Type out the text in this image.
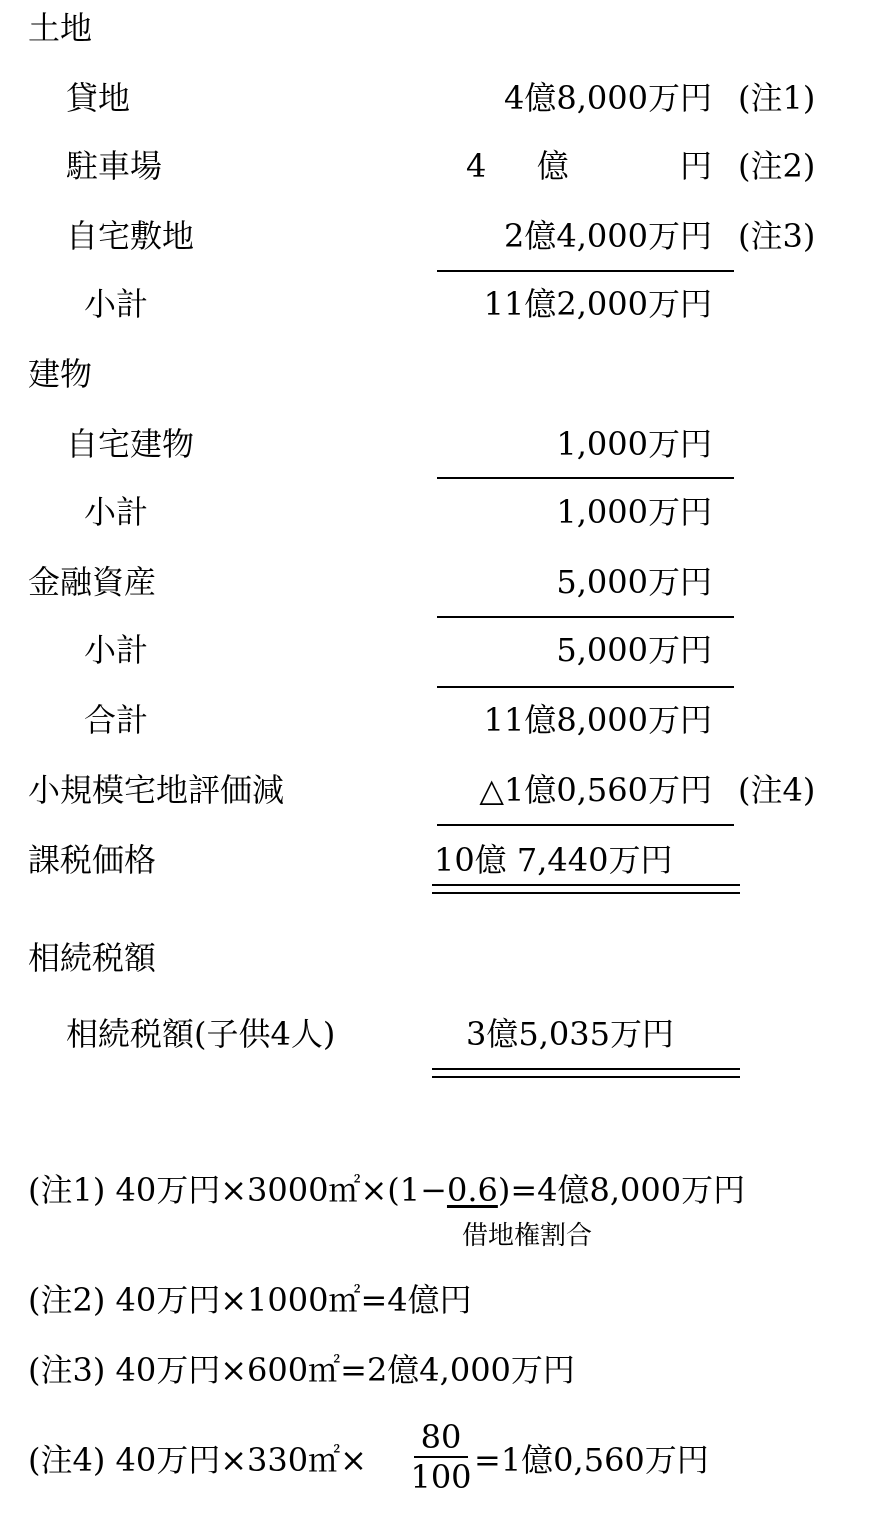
土地
貸地	4億8,000万円 (注1)
駐車場	4億 円 (注2)
自宅敷地	2億4,000万円 (注3)
小計	11億2,000万円
建物
自宅建物	1,000万円
小計	1,000万円
金融資産	5,000万円
小計	5,000万円
合計	11億8,000万円
小規模宅地評価減	△1億0,560万円 (注4)
課税価格	10億 7,440万円
相続税額
相続税額(子供4人)	3億5,035万円
(注1) 40万円×3000㎡×(1−0.6)=4億8,000万円
借地権割合
(注2) 40万円×1000㎡=4億円
(注3) 40万円×600㎡=2億4,000万円
(注4) 40万円×330㎡×
80
100 =1億0,560万円
